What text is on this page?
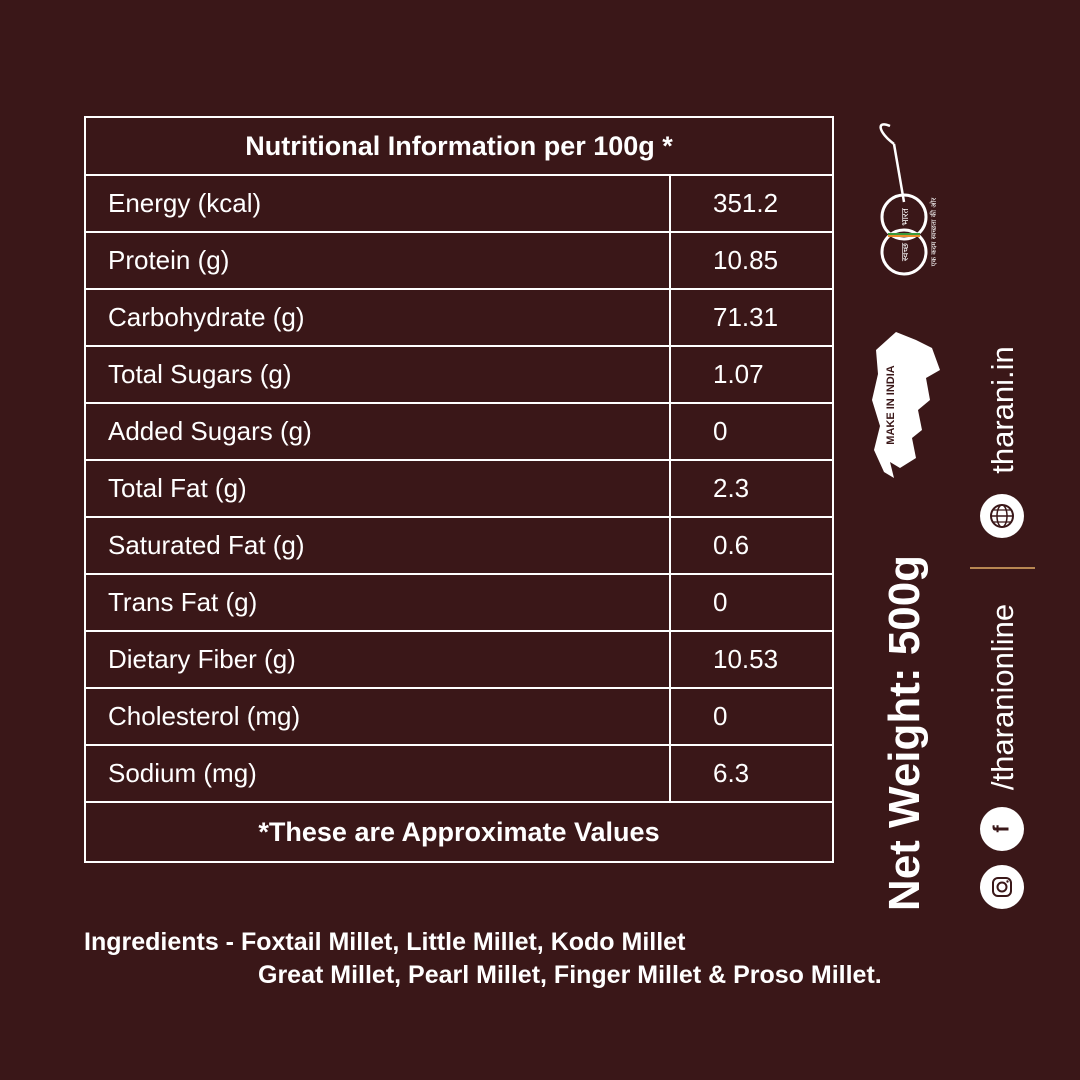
Nutritional Information per 100g *	
Energy (kcal)	351.2
Protein (g)	10.85
Carbohydrate (g)	71.31
Total Sugars (g)	1.07
Added Sugars (g)	0
Total Fat (g)	2.3
Saturated Fat (g)	0.6
Trans Fat (g)	0
Dietary Fiber (g)	10.53
Cholesterol (mg)	0
Sodium (mg)	6.3
*These are Approximate Values	
Ingredients - Foxtail Millet, Little Millet, Kodo Millet
Great Millet, Pearl Millet, Finger Millet & Proso Millet.
Net Weight: 500g
भारत
स्वच्छ	एक कदम स्वच्छता की ओर
MAKE IN INDIA	tharani.in
/tharanionline
f
